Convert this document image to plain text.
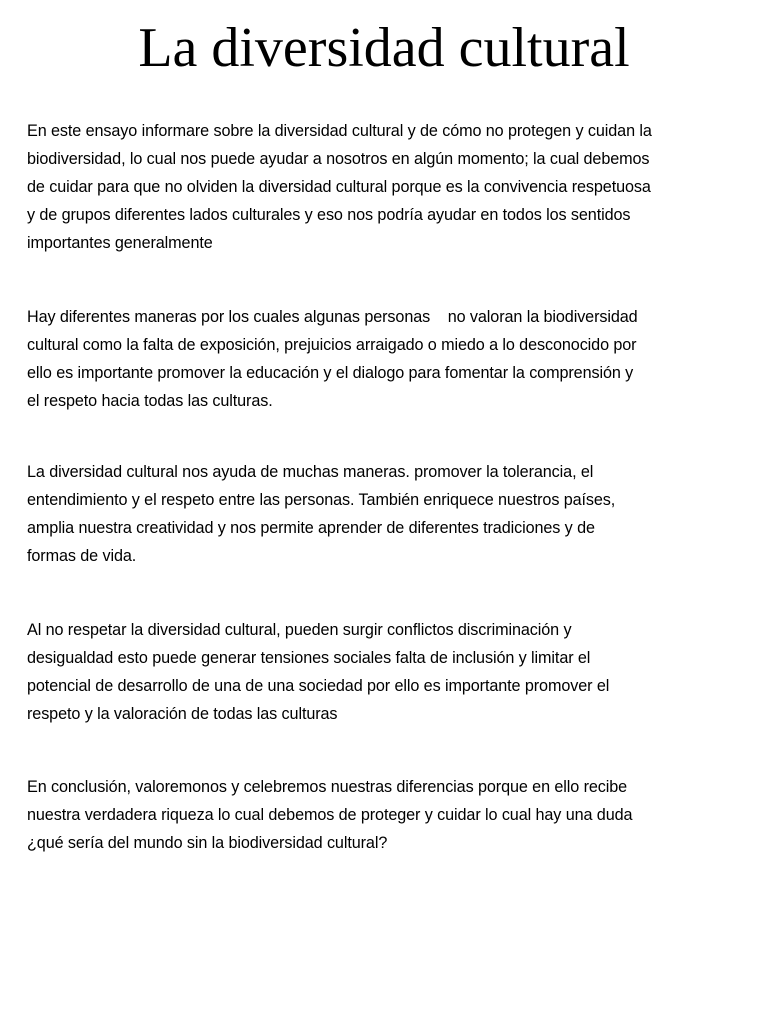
La diversidad cultural

En este ensayo informare sobre la diversidad cultural y de cómo no protegen y cuidan la
biodiversidad, lo cual nos puede ayudar a nosotros en algún momento; la cual debemos
de cuidar para que no olviden la diversidad cultural porque es la convivencia respetuosa
y de grupos diferentes lados culturales y eso nos podría ayudar en todos los sentidos
importantes generalmente

Hay diferentes maneras por los cuales algunas personas    no valoran la biodiversidad
cultural como la falta de exposición, prejuicios arraigado o miedo a lo desconocido por
ello es importante promover la educación y el dialogo para fomentar la comprensión y
el respeto hacia todas las culturas.

La diversidad cultural nos ayuda de muchas maneras. promover la tolerancia, el
entendimiento y el respeto entre las personas. También enriquece nuestros países,
amplia nuestra creatividad y nos permite aprender de diferentes tradiciones y de
formas de vida.

Al no respetar la diversidad cultural, pueden surgir conflictos discriminación y
desigualdad esto puede generar tensiones sociales falta de inclusión y limitar el
potencial de desarrollo de una de una sociedad por ello es importante promover el
respeto y la valoración de todas las culturas

En conclusión, valoremonos y celebremos nuestras diferencias porque en ello recibe
nuestra verdadera riqueza lo cual debemos de proteger y cuidar lo cual hay una duda
¿qué sería del mundo sin la biodiversidad cultural?
